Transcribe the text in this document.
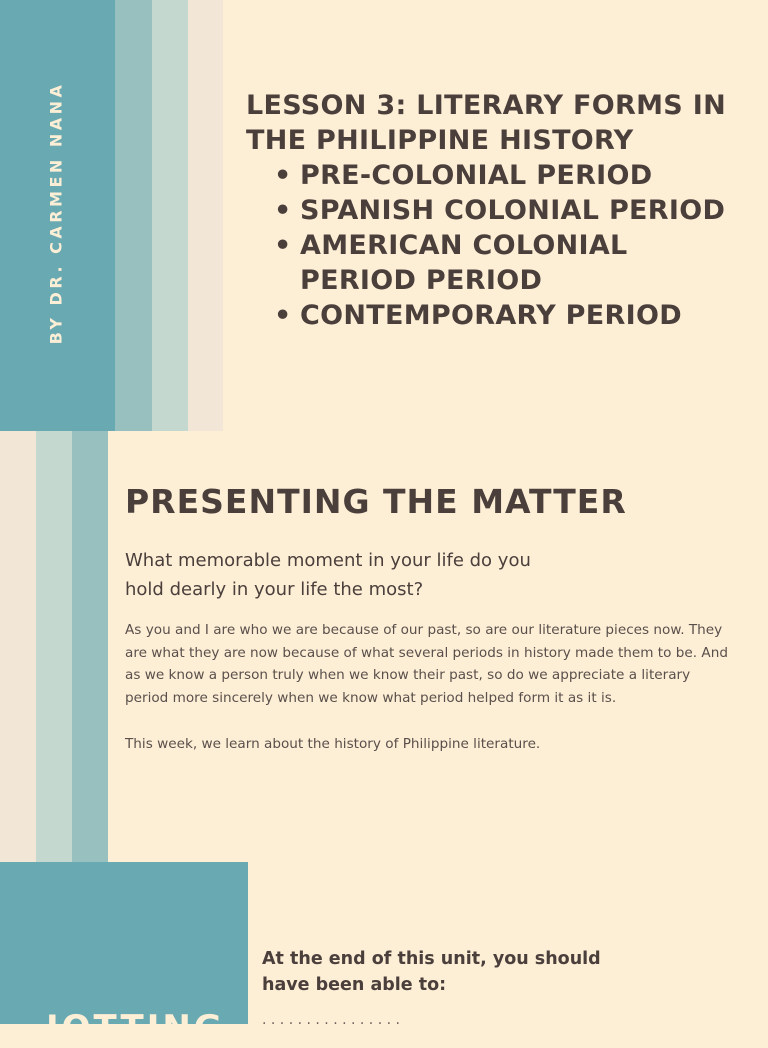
BY DR. CARMEN NANA	LESSON 3: LITERARY FORMS IN THE PHILIPPINE HISTORY
• PRE-COLONIAL PERIOD
• SPANISH COLONIAL PERIOD
• AMERICAN COLONIAL PERIOD PERIOD
• CONTEMPORARY PERIOD
PRESENTING THE MATTER
What memorable moment in your life do you hold dearly in your life the most?
As you and I are who we are because of our past, so are our literature pieces now. They are what they are now because of what several periods in history made them to be. And as we know a person truly when we know their past, so do we appreciate a literary period more sincerely when we know what period helped form it as it is.
This week, we learn about the history of Philippine literature.
JOTTING
At the end of this unit, you should have been able to:
· · · · · · · · · · · · · · · ·
